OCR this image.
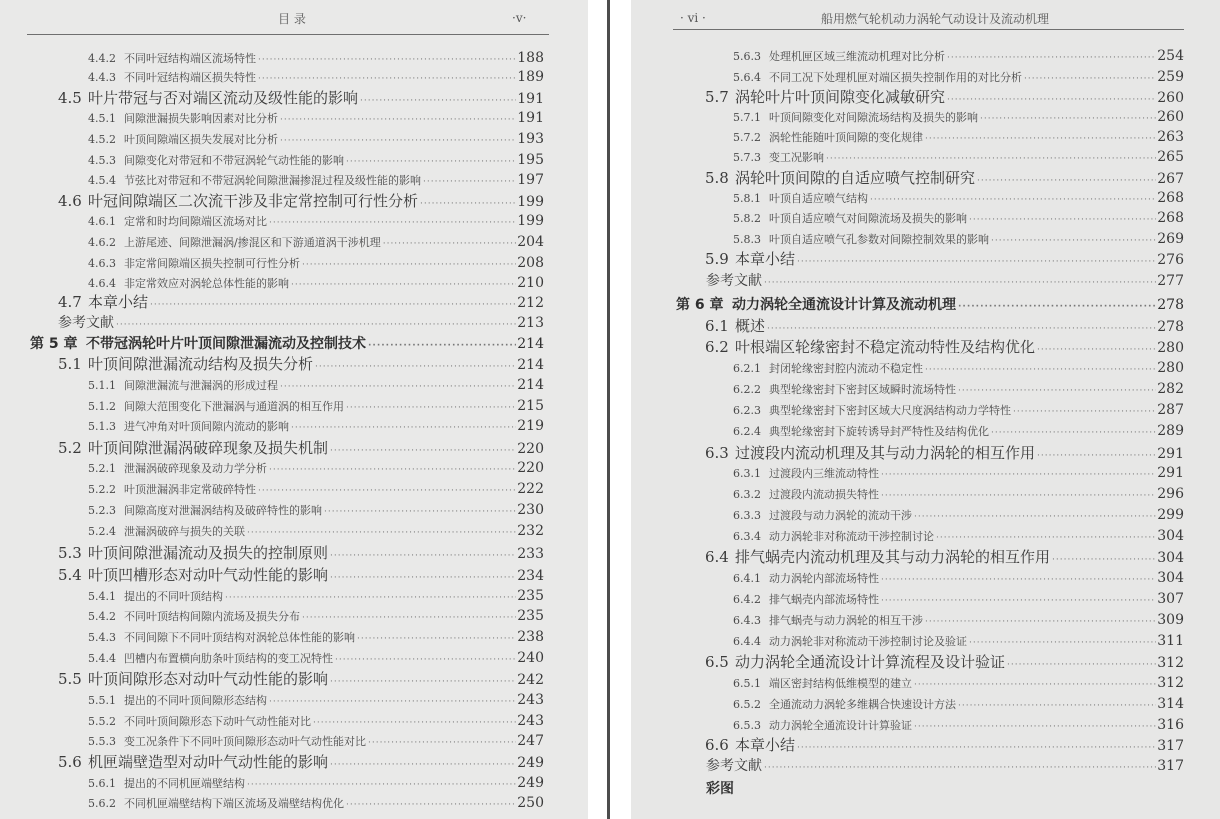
目 录	·v·
4.4.2 不同叶冠结构端区流场特性 ·····	188
4.4.3 不同叶冠结构端区损失特性 ·····	189
4.5 叶片带冠与否对端区流动及级性能的影响 ·····	191
4.5.1 间隙泄漏损失影响因素对比分析 ·····	191
4.5.2 叶顶间隙端区损失发展对比分析 ·····	193
4.5.3 间隙变化对带冠和不带冠涡轮气动性能的影响 ·····	195
4.5.4 节弦比对带冠和不带冠涡轮间隙泄漏掺混过程及级性能的影响 ·····	197
4.6 叶冠间隙端区二次流干涉及非定常控制可行性分析 ·····	199
4.6.1 定常和时均间隙端区流场对比 ·····	199
4.6.2 上游尾迹、间隙泄漏涡/掺混区和下游通道涡干涉机理 ·····	204
4.6.3 非定常间隙端区损失控制可行性分析 ·····	208
4.6.4 非定常效应对涡轮总体性能的影响 ·····	210
4.7 本章小结 ·····	212
参考文献 ·····	213
第 5 章 不带冠涡轮叶片叶顶间隙泄漏流动及控制技术 ·····	214
5.1 叶顶间隙泄漏流动结构及损失分析 ·····	214
5.1.1 间隙泄漏流与泄漏涡的形成过程 ·····	214
5.1.2 间隙大范围变化下泄漏涡与通道涡的相互作用 ·····	215
5.1.3 进气冲角对叶顶间隙内流动的影响 ·····	219
5.2 叶顶间隙泄漏涡破碎现象及损失机制 ·····	220
5.2.1 泄漏涡破碎现象及动力学分析 ·····	220
5.2.2 叶顶泄漏涡非定常破碎特性 ·····	222
5.2.3 间隙高度对泄漏涡结构及破碎特性的影响 ·····	230
5.2.4 泄漏涡破碎与损失的关联 ·····	232
5.3 叶顶间隙泄漏流动及损失的控制原则 ·····	233
5.4 叶顶凹槽形态对动叶气动性能的影响 ·····	234
5.4.1 提出的不同叶顶结构 ·····	235
5.4.2 不同叶顶结构间隙内流场及损失分布 ·····	235
5.4.3 不同间隙下不同叶顶结构对涡轮总体性能的影响 ·····	238
5.4.4 凹槽内布置横向肋条叶顶结构的变工况特性 ·····	240
5.5 叶顶间隙形态对动叶气动性能的影响 ·····	242
5.5.1 提出的不同叶顶间隙形态结构 ·····	243
5.5.2 不同叶顶间隙形态下动叶气动性能对比 ·····	243
5.5.3 变工况条件下不同叶顶间隙形态动叶气动性能对比 ·····	247
5.6 机匣端壁造型对动叶气动性能的影响 ·····	249
5.6.1 提出的不同机匣端壁结构 ·····	249
5.6.2 不同机匣端壁结构下端区流场及端壁结构优化 ·····	250
· vi ·	船用燃气轮机动力涡轮气动设计及流动机理
5.6.3 处理机匣区域三维流动机理对比分析 ·····	254
5.6.4 不同工况下处理机匣对端区损失控制作用的对比分析 ·····	259
5.7 涡轮叶片叶顶间隙变化减敏研究 ·····	260
5.7.1 叶顶间隙变化对间隙流场结构及损失的影响 ·····	260
5.7.2 涡轮性能随叶顶间隙的变化规律 ·····	263
5.7.3 变工况影响 ·····	265
5.8 涡轮叶顶间隙的自适应喷气控制研究 ·····	267
5.8.1 叶顶自适应喷气结构 ·····	268
5.8.2 叶顶自适应喷气对间隙流场及损失的影响 ·····	268
5.8.3 叶顶自适应喷气孔参数对间隙控制效果的影响 ·····	269
5.9 本章小结 ·····	276
参考文献 ·····	277
第 6 章 动力涡轮全通流设计计算及流动机理 ·····	278
6.1 概述 ·····	278
6.2 叶根端区轮缘密封不稳定流动特性及结构优化 ·····	280
6.2.1 封闭轮缘密封腔内流动不稳定性 ·····	280
6.2.2 典型轮缘密封下密封区域瞬时流场特性 ·····	282
6.2.3 典型轮缘密封下密封区域大尺度涡结构动力学特性 ·····	287
6.2.4 典型轮缘密封下旋转诱导封严特性及结构优化 ·····	289
6.3 过渡段内流动机理及其与动力涡轮的相互作用 ·····	291
6.3.1 过渡段内三维流动特性 ·····	291
6.3.2 过渡段内流动损失特性 ·····	296
6.3.3 过渡段与动力涡轮的流动干涉 ·····	299
6.3.4 动力涡轮非对称流动干涉控制讨论 ·····	304
6.4 排气蜗壳内流动机理及其与动力涡轮的相互作用 ·····	304
6.4.1 动力涡轮内部流场特性 ·····	304
6.4.2 排气蜗壳内部流场特性 ·····	307
6.4.3 排气蜗壳与动力涡轮的相互干涉 ·····	309
6.4.4 动力涡轮非对称流动干涉控制讨论及验证 ·····	311
6.5 动力涡轮全通流设计计算流程及设计验证 ·····	312
6.5.1 端区密封结构低维模型的建立 ·····	312
6.5.2 全通流动力涡轮多维耦合快速设计方法 ·····	314
6.5.3 动力涡轮全通流设计计算验证 ·····	316
6.6 本章小结 ·····	317
参考文献 ·····	317
彩图
